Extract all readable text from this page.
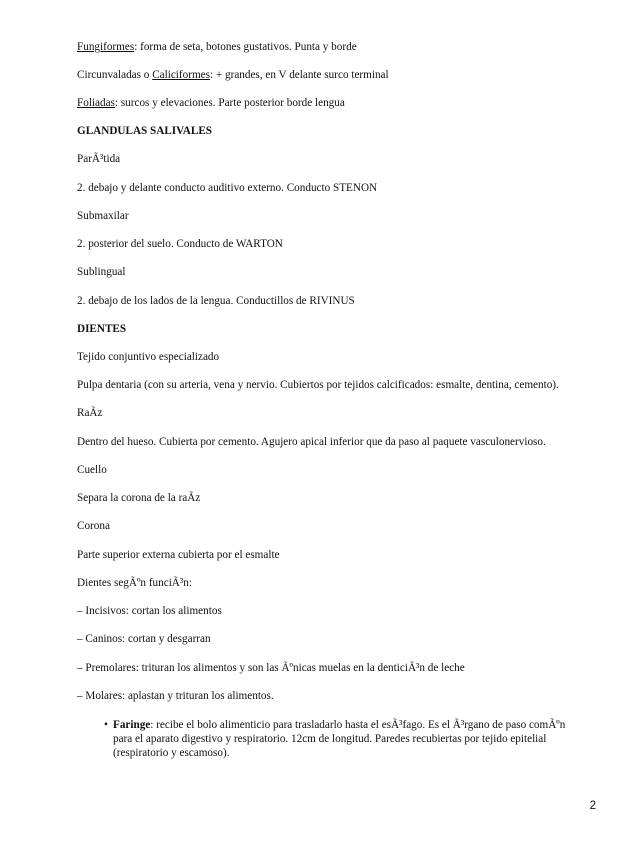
Fungiformes: forma de seta, botones gustativos. Punta y borde
Circunvaladas o Caliciformes: + grandes, en V delante surco terminal
Foliadas: surcos y elevaciones. Parte posterior borde lengua
GLANDULAS SALIVALES
ParÃ³tida
2. debajo y delante conducto auditivo externo. Conducto STENON
Submaxilar
2. posterior del suelo. Conducto de WARTON
Sublingual
2. debajo de los lados de la lengua. Conductillos de RIVINUS
DIENTES
Tejido conjuntivo especializado
Pulpa dentaria (con su arteria, vena y nervio. Cubiertos por tejidos calcificados: esmalte, dentina, cemento).
RaÃz
Dentro del hueso. Cubierta por cemento. Agujero apical inferior que da paso al paquete vasculonervioso.
Cuello
Separa la corona de la raÃz
Corona
Parte superior externa cubierta por el esmalte
Dientes segÃºn funciÃ³n:
– Incisivos: cortan los alimentos
– Caninos: cortan y desgarran
– Premolares: trituran los alimentos y son las Ãºnicas muelas en la denticiÃ³n de leche
– Molares: aplastan y trituran los alimentos.
• Faringe: recibe el bolo alimenticio para trasladarlo hasta el esÃ³fago. Es el Ã³rgano de paso comÃºn para el aparato digestivo y respiratorio. 12cm de longitud. Paredes recubiertas por tejido epitelial (respiratorio y escamoso).
2
